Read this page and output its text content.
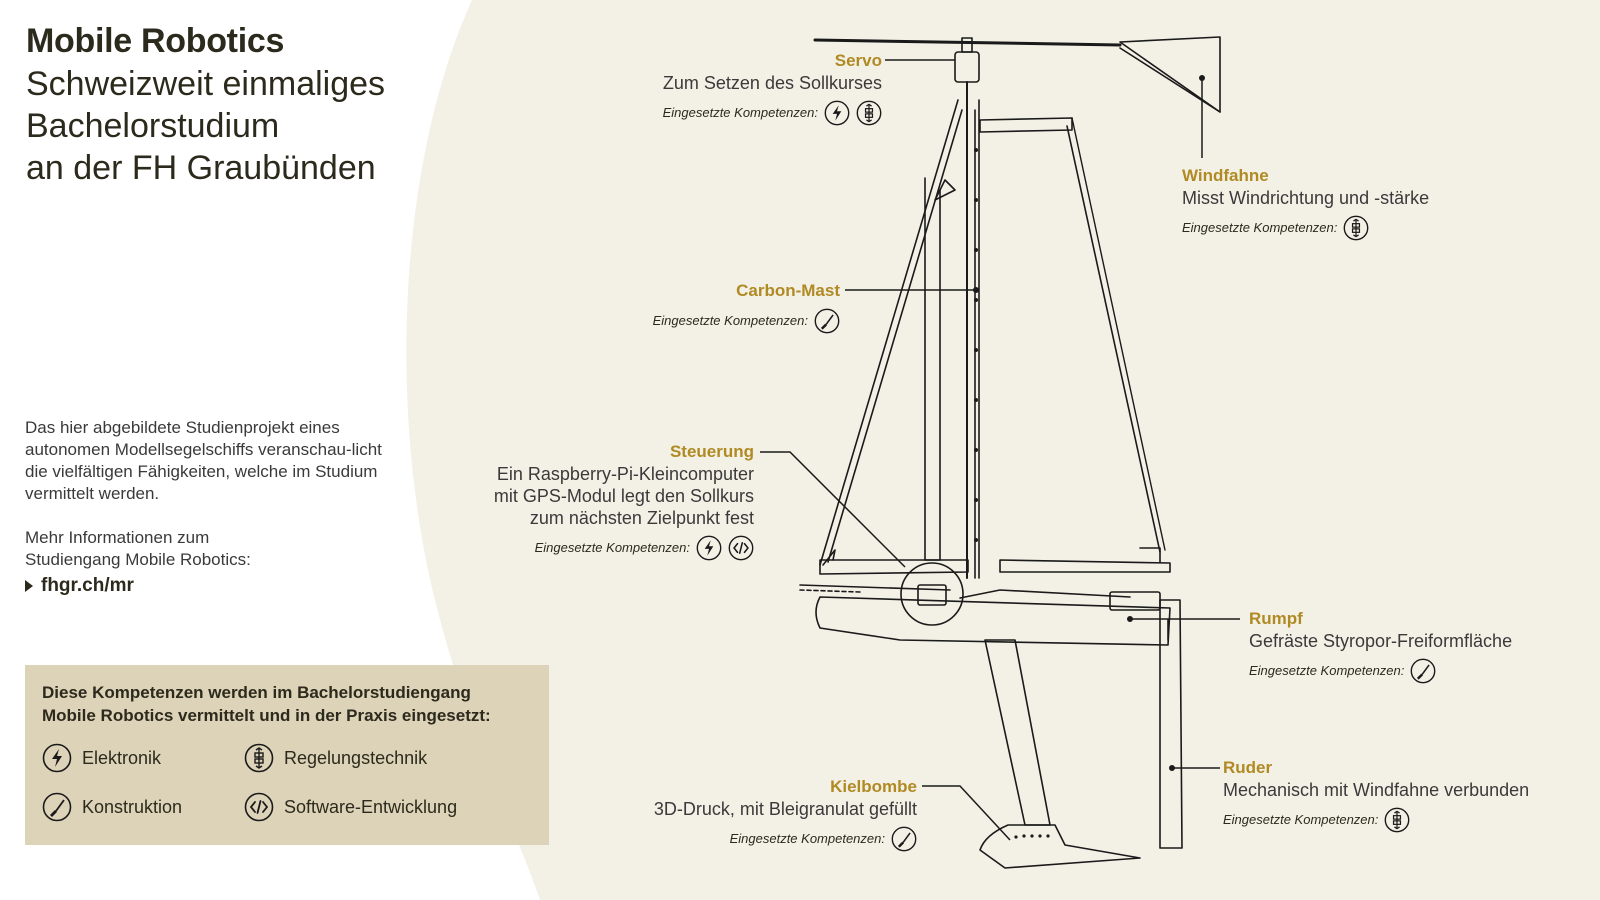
Mobile Robotics
Schweizweit einmaliges
Bachelorstudium
an der FH Graubünden

Das hier abgebildete Studienprojekt eines autonomen Modellsegelschiffs veranschau-licht die vielfältigen Fähigkeiten, welche im Studium vermittelt werden.

Mehr Informationen zum
Studiengang Mobile Robotics:
fhgr.ch/mr
Diese Kompetenzen werden im Bachelorstudiengang
Mobile Robotics vermittelt und in der Praxis eingesetzt:
Elektronik	Regelungstechnik
Konstruktion	Software-Entwicklung
Servo
Zum Setzen des Sollkurses
Eingesetzte Kompetenzen:
Windfahne
Misst Windrichtung und -stärke
Eingesetzte Kompetenzen:
Carbon-Mast
Eingesetzte Kompetenzen:
Steuerung
Ein Raspberry-Pi-Kleincomputer
mit GPS-Modul legt den Sollkurs
zum nächsten Zielpunkt fest
Eingesetzte Kompetenzen:
Rumpf
Gefräste Styropor-Freiformfläche
Eingesetzte Kompetenzen:
Ruder
Mechanisch mit Windfahne verbunden
Eingesetzte Kompetenzen:
Kielbombe
3D-Druck, mit Bleigranulat gefüllt
Eingesetzte Kompetenzen:
